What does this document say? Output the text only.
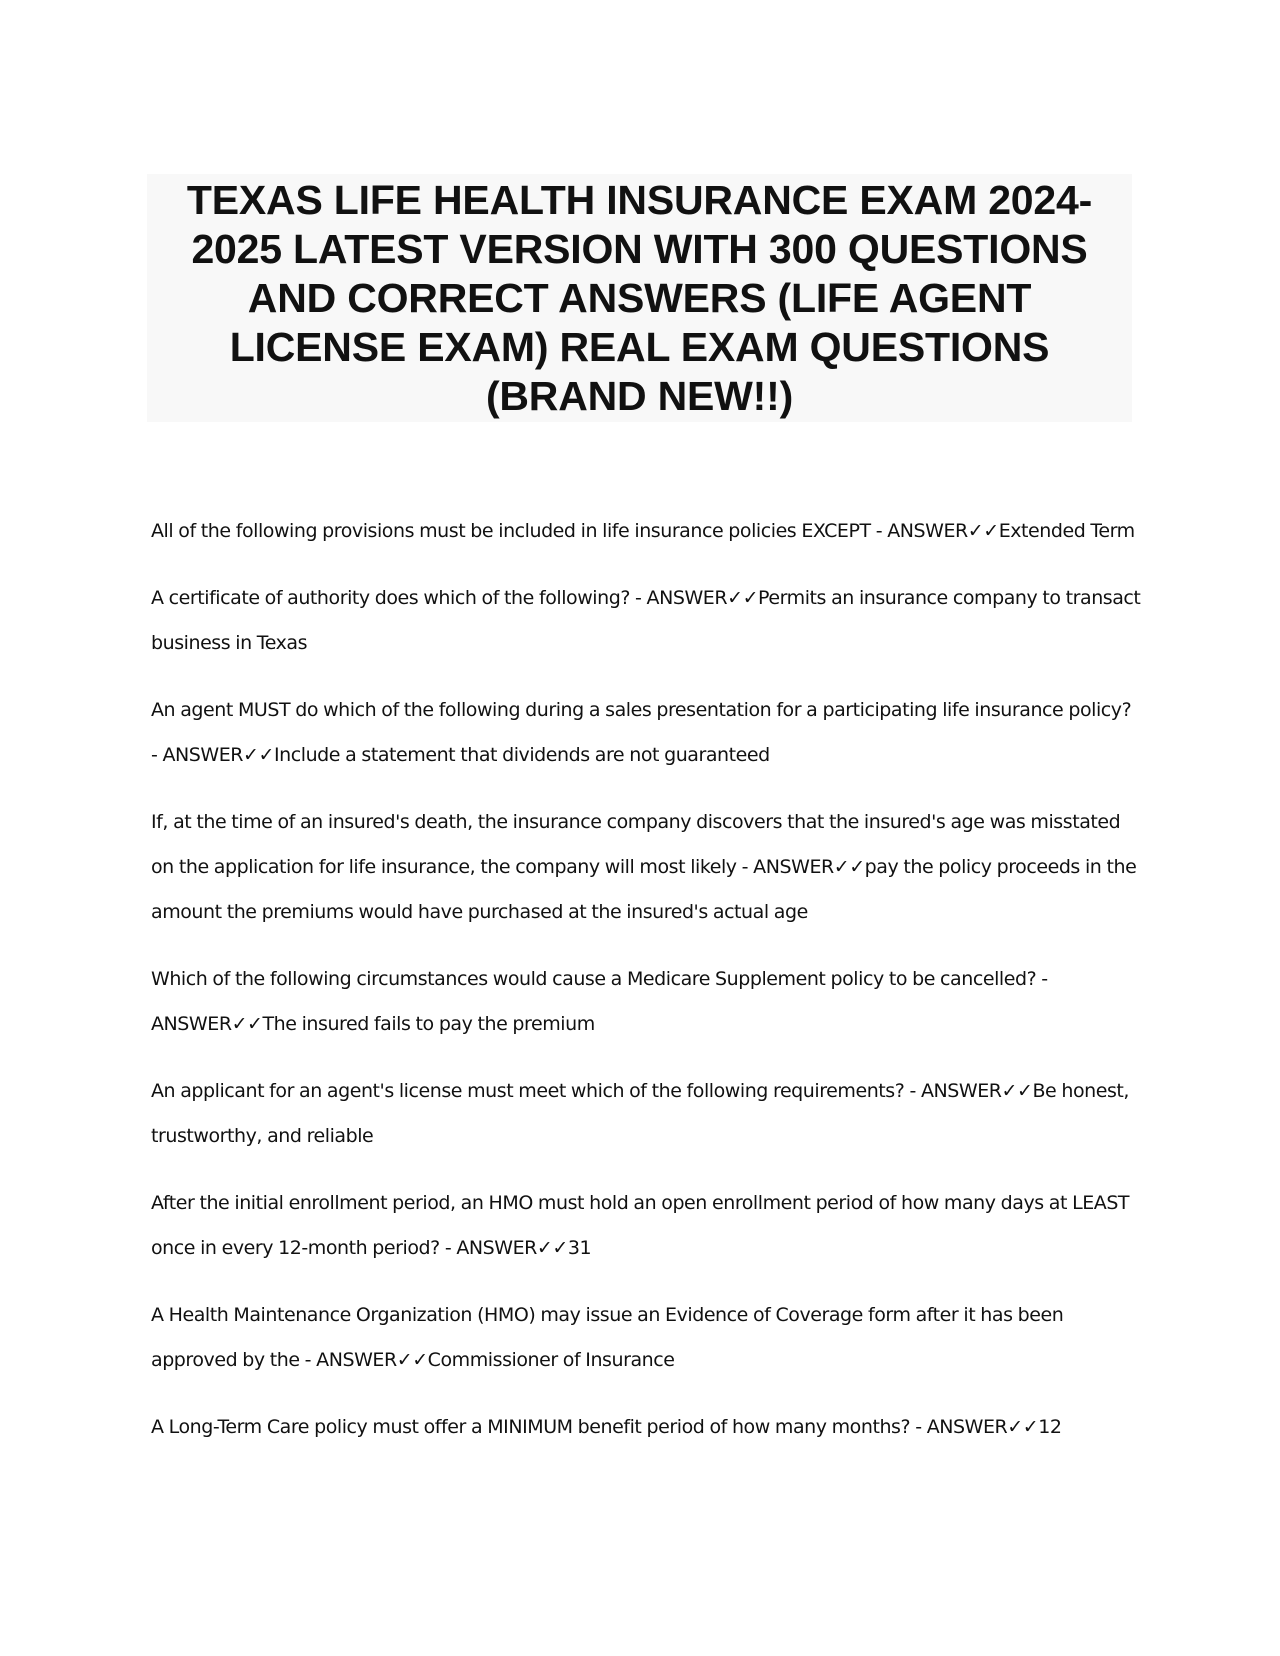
TEXAS LIFE HEALTH INSURANCE EXAM 2024-2025 LATEST VERSION WITH 300 QUESTIONS AND CORRECT ANSWERS (LIFE AGENT LICENSE EXAM) REAL EXAM QUESTIONS (BRAND NEW!!)
All of the following provisions must be included in life insurance policies EXCEPT - ANSWER✓✓Extended Term
A certificate of authority does which of the following? - ANSWER✓✓Permits an insurance company to transact business in Texas
An agent MUST do which of the following during a sales presentation for a participating life insurance policy? - ANSWER✓✓Include a statement that dividends are not guaranteed
If, at the time of an insured's death, the insurance company discovers that the insured's age was misstated on the application for life insurance, the company will most likely - ANSWER✓✓pay the policy proceeds in the amount the premiums would have purchased at the insured's actual age
Which of the following circumstances would cause a Medicare Supplement policy to be cancelled? - ANSWER✓✓The insured fails to pay the premium
An applicant for an agent's license must meet which of the following requirements? - ANSWER✓✓Be honest, trustworthy, and reliable
After the initial enrollment period, an HMO must hold an open enrollment period of how many days at LEAST once in every 12-month period? - ANSWER✓✓31
A Health Maintenance Organization (HMO) may issue an Evidence of Coverage form after it has been approved by the - ANSWER✓✓Commissioner of Insurance
A Long-Term Care policy must offer a MINIMUM benefit period of how many months? - ANSWER✓✓12
